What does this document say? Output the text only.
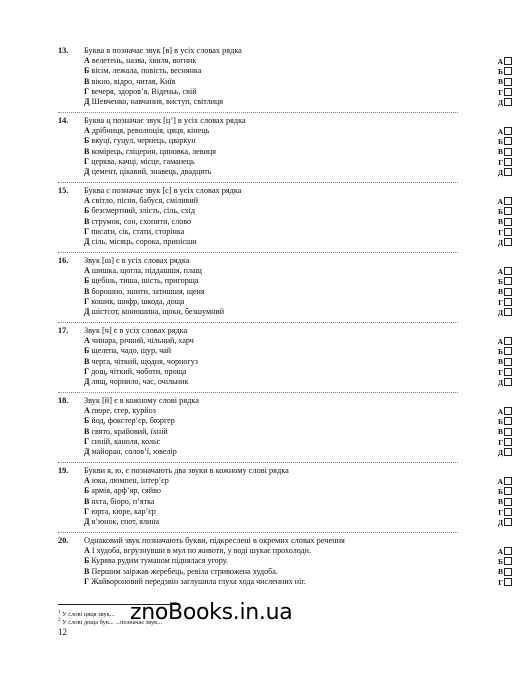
13.	Буква в позначає звук [в] в усіх словах рядка
А велетень, назва, хвиля, вогник
Б вісім, лежала, повість, веснянка
В вікно, відро, читав, Київ
Г вечеря, здоров’я, Віденьь, свій
Д Шевченко, навчання, виступ, світлиця
А
Б
В
Г
Д
14.	Буква ц позначає звук [ц’] в усіх словах рядка
А дрібниця, революція, цяця, кінець
Б вкуці, гуцул, чернець, цвіркун
В комірець, гліцерин, циновка, левиця
Г церква, качці, місце, гаманець
Д цемент, цікавий, знавець, двадцять
А
Б
В
Г
Д
15.	Буква с позначає звук [с] в усіх словах рядка
А світло, пісня, бабуся, сміливий
Б безсмертний, злість, сіль, схід
В струмок, сон, схопити, слово
Г писати, сік, стати, сторінка
Д сіль, місяць, сорока, принісши
А
Б
В
Г
Д
16.	Звук [ш] є в усіх словах рядка
А шишка, щогла, піддашшя, плащ
Б щебінь, тиша, шість, пригорща
В борошно, зшити, затишшя, щеня
Г кошик, шифр, шкода, доща
Д шістсот, конюшина, щоки, безшумний
А
Б
В
Г
Д
17.	Звук [ч] є в усіх словах рядка
А чинара, річний, чільний, харч
Б щелепа, чадо, щур, чай
В черга, чіткий, щодня, чорногуз
Г дощ, чіткий, чоботи, проща
Д лящ, чорнило, час, очільник
А
Б
В
Г
Д
18.	Звук [й] є в кожному слові рядка
А пюре, єгер, курйоз
Б йод, фокстер’єр, бюргер
В свято, крайовий, їхній
Г синій, каноля, кольє
Д майоран, солов’ї, ювелір
А
Б
В
Г
Д
19.	Букви я, ю, є позначають два звуки в кожному слові рядка
А юка, люмпен, інтер’єр
Б армія, арф’яр, сяйво
В яхта, біоро, п’ятка
Г юрта, кюре, кар’єр
Д в’юнок, єнот, ялина
А
Б
В
Г
Д
20.	Однаковий звук позначають букви, підкреслені в окремих словах речення
А І худоба, вгрузнувши в мул по животи, у воді шукає прохолоди.
Б Курява рудим туманом піднялася угору.
В Першим заіржав жеребець, ревіла стривожена худоба.
Г Жайвороновий передзвін заглушила глуха хода численних ніг.
А
Б
В
Г
$^1$ У слові цяця звук...
$^2$ У слові доща бук... ...позначає звук...
12
znoBooks.in.ua
